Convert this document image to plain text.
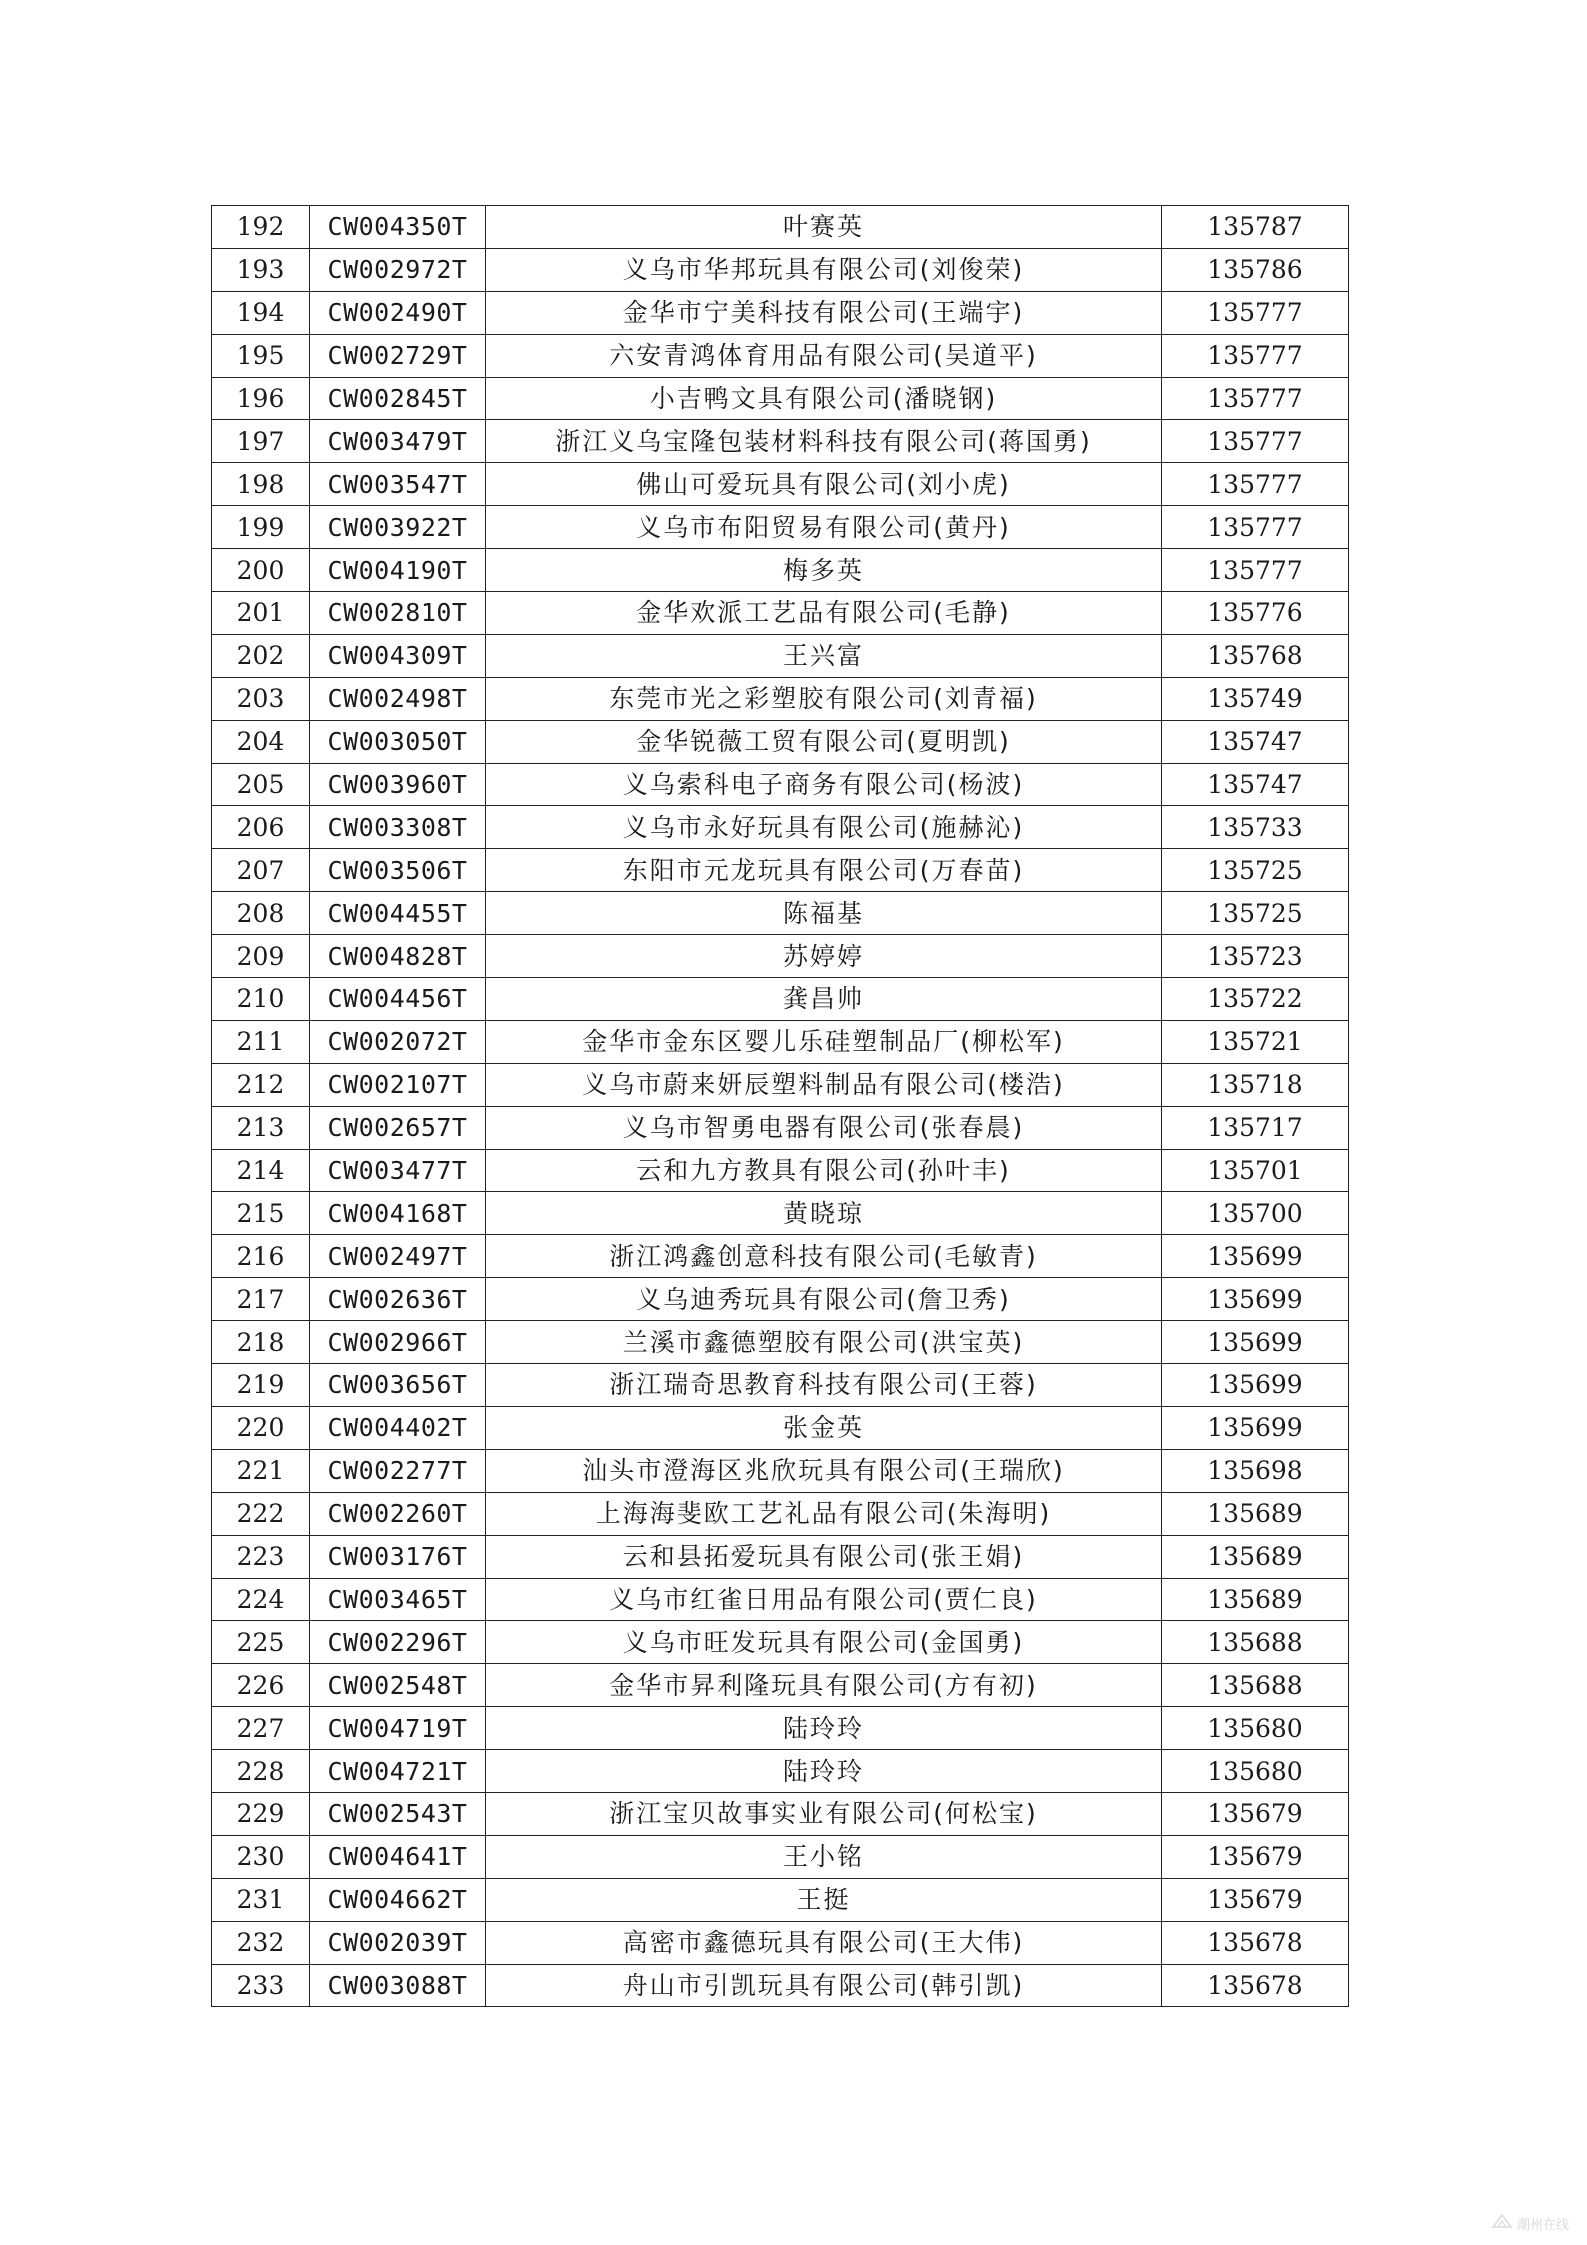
192	CW004350T	叶赛英	135787
193	CW002972T	义乌市华邦玩具有限公司(刘俊荣)	135786
194	CW002490T	金华市宁美科技有限公司(王端宇)	135777
195	CW002729T	六安青鸿体育用品有限公司(吴道平)	135777
196	CW002845T	小吉鸭文具有限公司(潘晓钢)	135777
197	CW003479T	浙江义乌宝隆包装材料科技有限公司(蒋国勇)	135777
198	CW003547T	佛山可爱玩具有限公司(刘小虎)	135777
199	CW003922T	义乌市布阳贸易有限公司(黄丹)	135777
200	CW004190T	梅多英	135777
201	CW002810T	金华欢派工艺品有限公司(毛静)	135776
202	CW004309T	王兴富	135768
203	CW002498T	东莞市光之彩塑胶有限公司(刘青福)	135749
204	CW003050T	金华锐薇工贸有限公司(夏明凯)	135747
205	CW003960T	义乌索科电子商务有限公司(杨波)	135747
206	CW003308T	义乌市永好玩具有限公司(施赫沁)	135733
207	CW003506T	东阳市元龙玩具有限公司(万春苗)	135725
208	CW004455T	陈福基	135725
209	CW004828T	苏婷婷	135723
210	CW004456T	龚昌帅	135722
211	CW002072T	金华市金东区婴儿乐硅塑制品厂(柳松军)	135721
212	CW002107T	义乌市蔚来妍辰塑料制品有限公司(楼浩)	135718
213	CW002657T	义乌市智勇电器有限公司(张春晨)	135717
214	CW003477T	云和九方教具有限公司(孙叶丰)	135701
215	CW004168T	黄晓琼	135700
216	CW002497T	浙江鸿鑫创意科技有限公司(毛敏青)	135699
217	CW002636T	义乌迪秀玩具有限公司(詹卫秀)	135699
218	CW002966T	兰溪市鑫德塑胶有限公司(洪宝英)	135699
219	CW003656T	浙江瑞奇思教育科技有限公司(王蓉)	135699
220	CW004402T	张金英	135699
221	CW002277T	汕头市澄海区兆欣玩具有限公司(王瑞欣)	135698
222	CW002260T	上海海斐欧工艺礼品有限公司(朱海明)	135689
223	CW003176T	云和县拓爱玩具有限公司(张王娟)	135689
224	CW003465T	义乌市红雀日用品有限公司(贾仁良)	135689
225	CW002296T	义乌市旺发玩具有限公司(金国勇)	135688
226	CW002548T	金华市昇利隆玩具有限公司(方有初)	135688
227	CW004719T	陆玲玲	135680
228	CW004721T	陆玲玲	135680
229	CW002543T	浙江宝贝故事实业有限公司(何松宝)	135679
230	CW004641T	王小铭	135679
231	CW004662T	王挺	135679
232	CW002039T	高密市鑫德玩具有限公司(王大伟)	135678
233	CW003088T	舟山市引凯玩具有限公司(韩引凯)	135678
潮州在线
